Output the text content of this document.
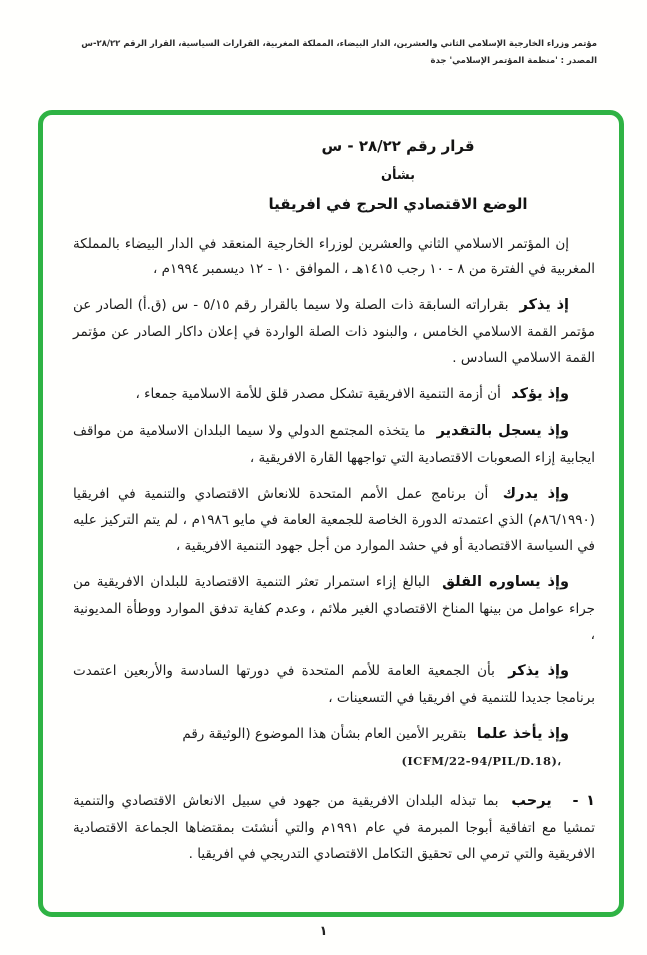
مؤتمر وزراء الخارجية الإسلامي الثاني والعشرين، الدار البيضاء، المملكة المغربية، القرارات السياسية، القرار الرقم ٢٨/٢٢-س
المصدر : 'منظمة المؤتمر الإسلامي' جدة
قرار رقم ٢٨/٢٢ - س
بشأن
الوضع الاقتصادي الحرج في افريقيا

إن المؤتمر الاسلامي الثاني والعشرين لوزراء الخارجية المنعقد في الدار البيضاء بالمملكة المغربية في الفترة من ٨ - ١٠ رجب ١٤١٥هـ ، الموافق ١٠ - ١٢ ديسمبر ١٩٩٤م ،

إذ يذكر بقراراته السابقة ذات الصلة ولا سيما بالقرار رقم ٥/١٥ - س (ق.أ) الصادر عن مؤتمر القمة الاسلامي الخامس ، والبنود ذات الصلة الواردة في إعلان داكار الصادر عن مؤتمر القمة الاسلامي السادس .

وإذ يؤكد أن أزمة التنمية الافريقية تشكل مصدر قلق للأمة الاسلامية جمعاء ،

وإذ يسجل بالتقدير ما يتخذه المجتمع الدولي ولا سيما البلدان الاسلامية من مواقف ايجابية إزاء الصعوبات الاقتصادية التي تواجهها القارة الافريقية ،

وإذ يدرك أن برنامج عمل الأمم المتحدة للانعاش الاقتصادي والتنمية في افريقيا (٨٦/١٩٩٠م) الذي اعتمدته الدورة الخاصة للجمعية العامة في مايو ١٩٨٦م ، لم يتم التركيز عليه في السياسة الاقتصادية أو في حشد الموارد من أجل جهود التنمية الافريقية ،

وإذ يساوره القلق البالغ إزاء استمرار تعثر التنمية الاقتصادية للبلدان الافريقية من جراء عوامل من بينها المناخ الاقتصادي الغير ملائم ، وعدم كفاية تدفق الموارد ووطأة المديونية ،

وإذ يذكر بأن الجمعية العامة للأمم المتحدة في دورتها السادسة والأربعين اعتمدت برنامجا جديدا للتنمية في افريقيا في التسعينات ،

وإذ يأخذ علما بتقرير الأمين العام بشأن هذا الموضوع (الوثيقة رقم
(ICFM/22-94/PIL/D.18)،

١ - يرحب بما تبذله البلدان الافريقية من جهود في سبيل الانعاش الاقتصادي والتنمية تمشيا مع اتفاقية أبوجا المبرمة في عام ١٩٩١م والتي أنشئت بمقتضاها الجماعة الاقتصادية الافريقية والتي ترمي الى تحقيق التكامل الاقتصادي التدريجي في افريقيا .

١
